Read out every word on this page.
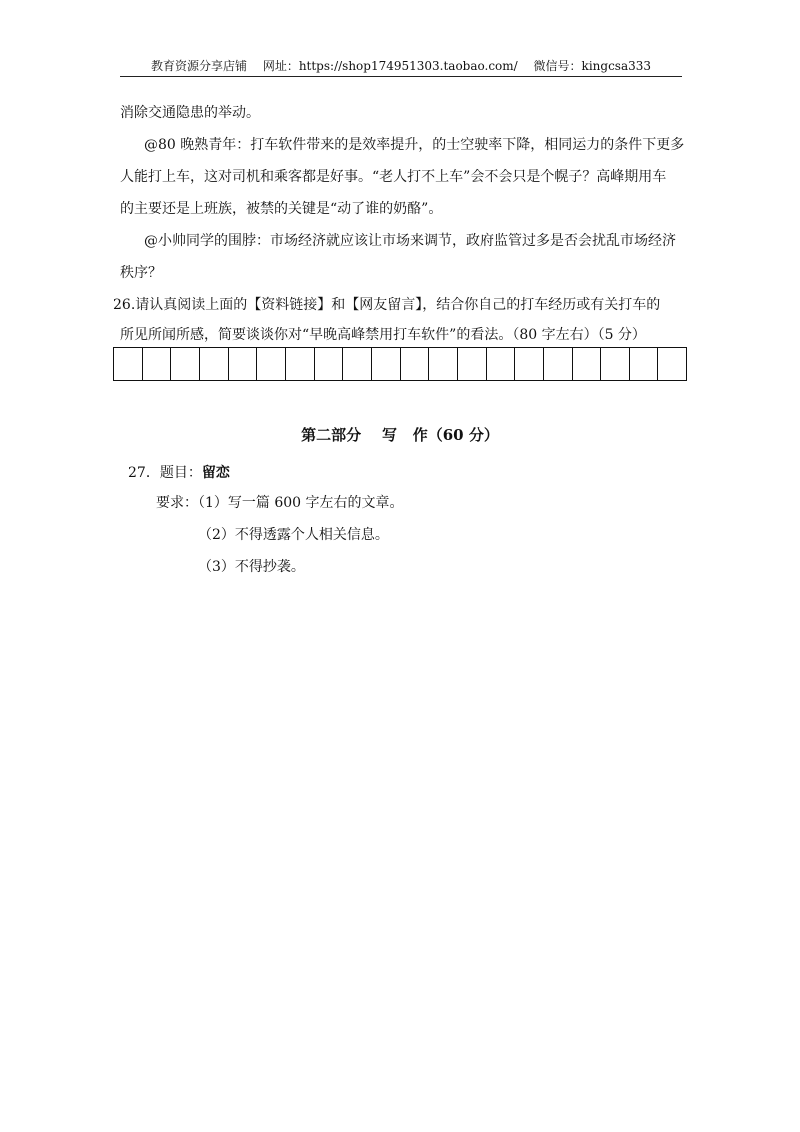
教育资源分享店铺 网址：https://shop174951303.taobao.com/ 微信号：kingcsa333
消除交通隐患的举动。
@80 晚熟青年：打车软件带来的是效率提升，的士空驶率下降，相同运力的条件下更多
人能打上车，这对司机和乘客都是好事。“老人打不上车”会不会只是个幌子？高峰期用车
的主要还是上班族，被禁的关键是“动了谁的奶酪”。
@小帅同学的围脖：市场经济就应该让市场来调节，政府监管过多是否会扰乱市场经济
秩序？
26.请认真阅读上面的【资料链接】和【网友留言】，结合你自己的打车经历或有关打车的
所见所闻所感，简要谈谈你对“早晚高峰禁用打车软件”的看法。（80 字左右）（5 分）
第二部分    写   作（60 分）
27．题目：留恋
要求：（1）写一篇 600 字左右的文章。
（2）不得透露个人相关信息。
（3）不得抄袭。
